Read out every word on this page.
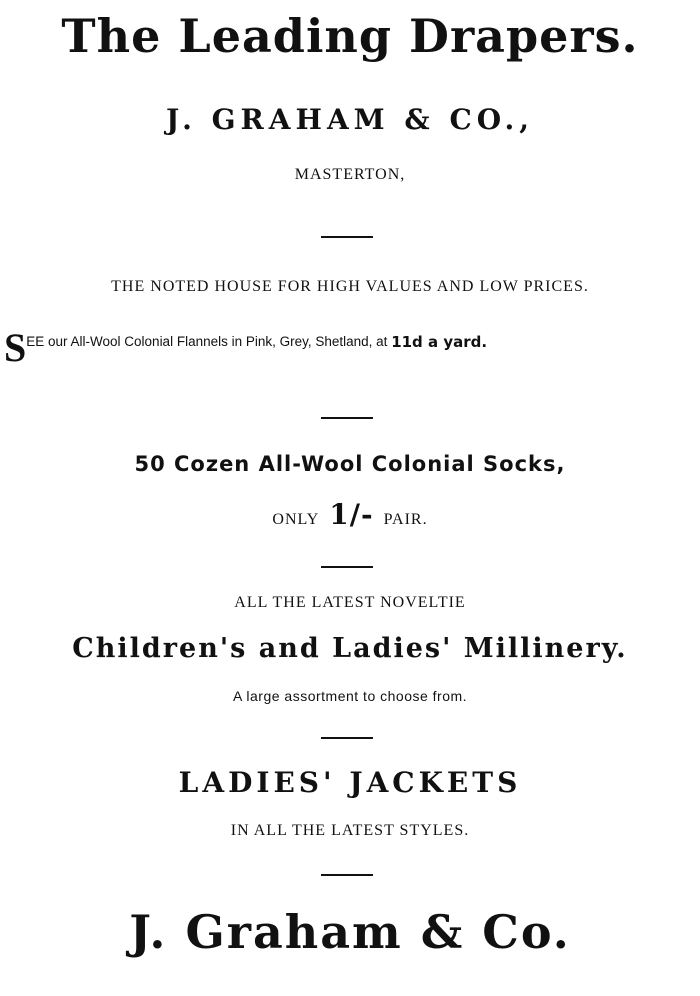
The Leading Drapers.
J. GRAHAM & CO.,
MASTERTON,
THE NOTED HOUSE FOR HIGH VALUES AND LOW PRICES.
SEE our All-Wool Colonial Flannels in Pink, Grey, Shetland, at 11d a yard.
50 Cozen All-Wool Colonial Socks,
ONLY 1/- PAIR.
ALL THE LATEST NOVELTIE
Children's and Ladies' Millinery.
A large assortment to choose from.
LADIES' JACKETS
IN ALL THE LATEST STYLES.
J. Graham & Co.
